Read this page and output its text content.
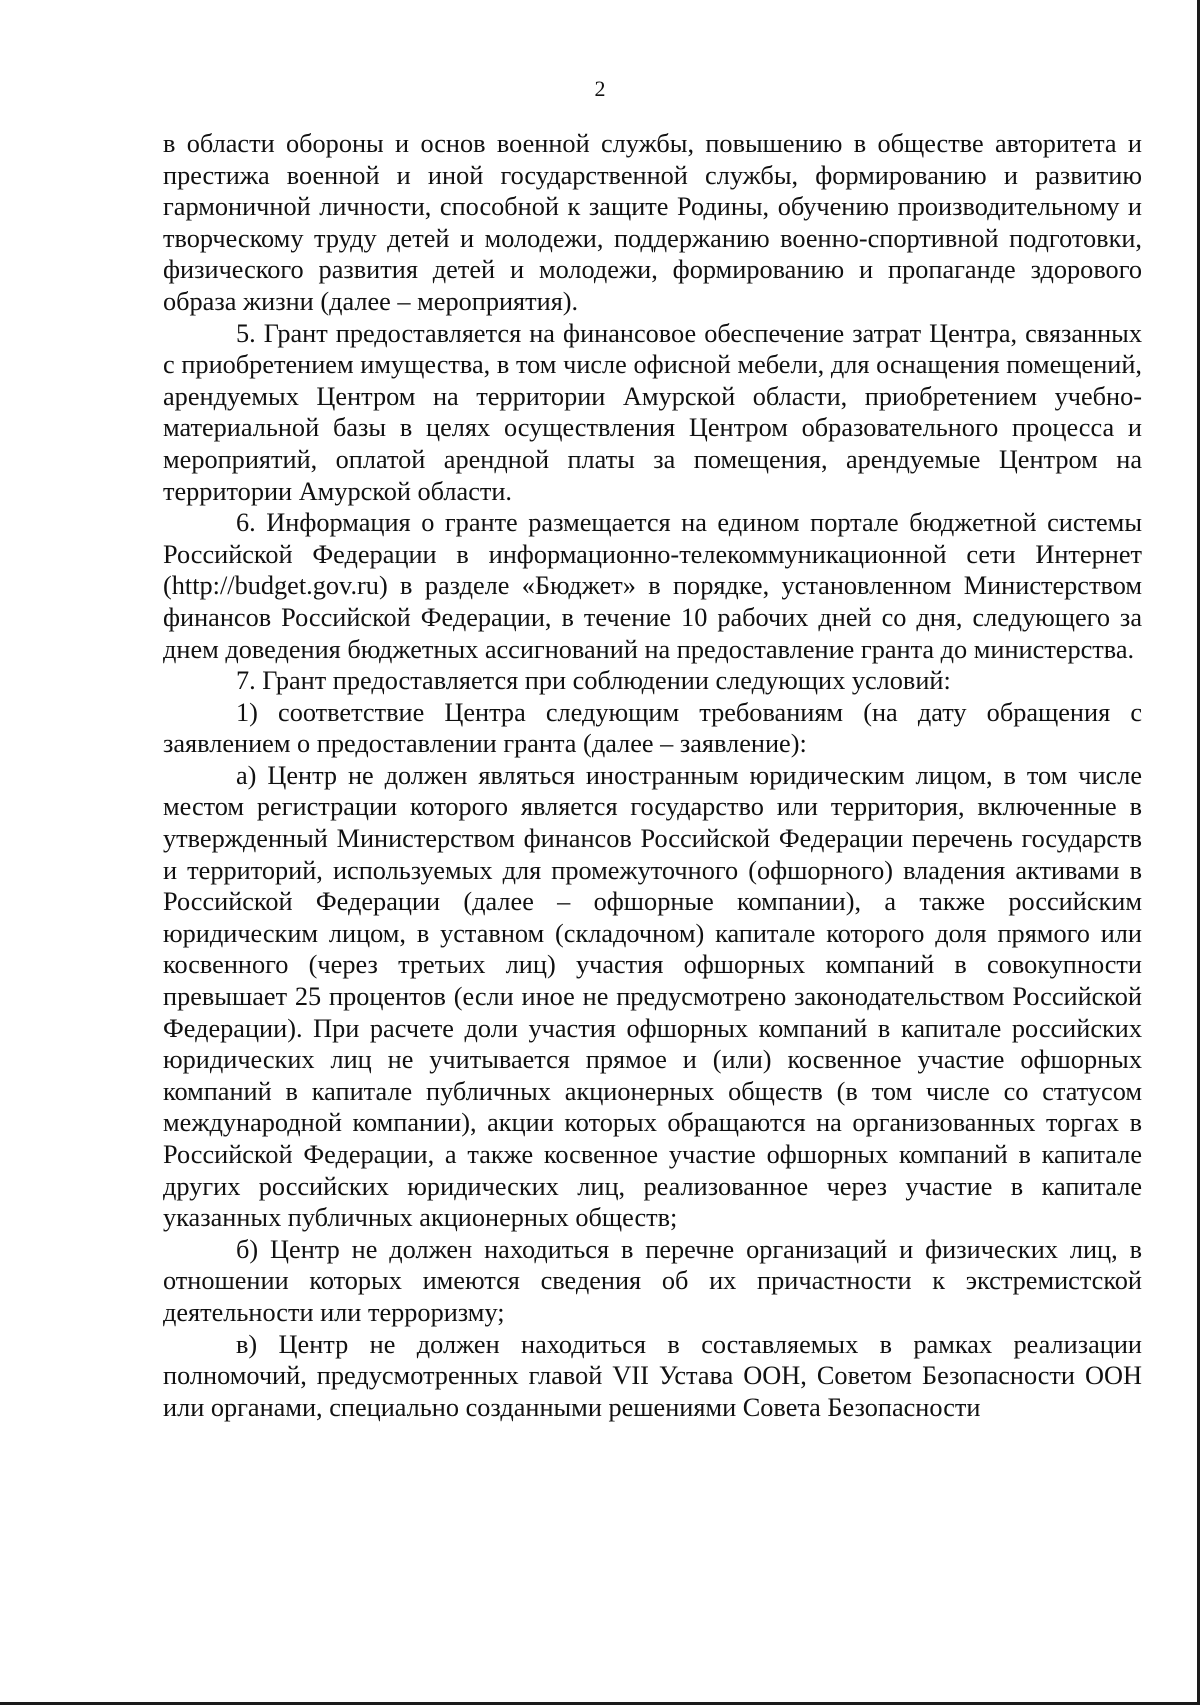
2

в области обороны и основ военной службы, повышению в обществе авторитета и престижа военной и иной государственной службы, формированию и развитию гармоничной личности, способной к защите Родины, обучению производительному и творческому труду детей и молодежи, поддержанию военно-спортивной подготовки, физического развития детей и молодежи, формированию и пропаганде здорового образа жизни (далее – мероприятия).

5. Грант предоставляется на финансовое обеспечение затрат Центра, связанных с приобретением имущества, в том числе офисной мебели, для оснащения помещений, арендуемых Центром на территории Амурской области, приобретением учебно-материальной базы в целях осуществления Центром образовательного процесса и мероприятий, оплатой арендной платы за помещения, арендуемые Центром на территории Амурской области.

6. Информация о гранте размещается на едином портале бюджетной системы Российской Федерации в информационно-телекоммуникационной сети Интернет (http://budget.gov.ru) в разделе «Бюджет» в порядке, установленном Министерством финансов Российской Федерации, в течение 10 рабочих дней со дня, следующего за днем доведения бюджетных ассигнований на предоставление гранта до министерства.

7. Грант предоставляется при соблюдении следующих условий:

1) соответствие Центра следующим требованиям (на дату обращения с заявлением о предоставлении гранта (далее – заявление):

а) Центр не должен являться иностранным юридическим лицом, в том числе местом регистрации которого является государство или территория, включенные в утвержденный Министерством финансов Российской Федерации перечень государств и территорий, используемых для промежуточного (офшорного) владения активами в Российской Федерации (далее – офшорные компании), а также российским юридическим лицом, в уставном (складочном) капитале которого доля прямого или косвенного (через третьих лиц) участия офшорных компаний в совокупности превышает 25 процентов (если иное не предусмотрено законодательством Российской Федерации). При расчете доли участия офшорных компаний в капитале российских юридических лиц не учитывается прямое и (или) косвенное участие офшорных компаний в капитале публичных акционерных обществ (в том числе со статусом международной компании), акции которых обращаются на организованных торгах в Российской Федерации, а также косвенное участие офшорных компаний в капитале других российских юридических лиц, реализованное через участие в капитале указанных публичных акционерных обществ;

б) Центр не должен находиться в перечне организаций и физических лиц, в отношении которых имеются сведения об их причастности к экстремистской деятельности или терроризму;

в) Центр не должен находиться в составляемых в рамках реализации полномочий, предусмотренных главой VII Устава ООН, Советом Безопасности ООН или органами, специально созданными решениями Совета Безопасности
